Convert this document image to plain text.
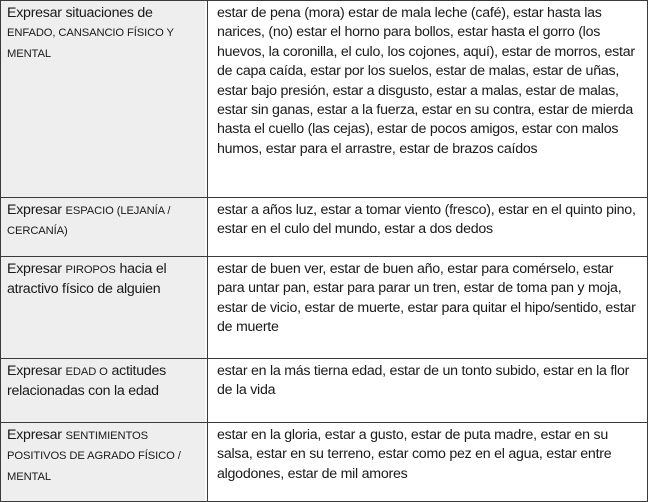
Expresar situaciones de ENFADO, CANSANCIO FÍSICO Y MENTAL	estar de pena (mora) estar de mala leche (café), estar hasta las narices, (no) estar el horno para bollos, estar hasta el gorro (los huevos, la coronilla, el culo, los cojones, aquí), estar de morros, estar de capa caída, estar por los suelos, estar de malas, estar de uñas, estar bajo presión, estar a disgusto, estar a malas, estar de malas, estar sin ganas, estar a la fuerza, estar en su contra, estar de mierda hasta el cuello (las cejas), estar de pocos amigos, estar con malos humos, estar para el arrastre, estar de brazos caídos
Expresar ESPACIO (LEJANÍA / CERCANÍA)	estar a años luz, estar a tomar viento (fresco), estar en el quinto pino, estar en el culo del mundo, estar a dos dedos
Expresar PIROPOS hacia el atractivo físico de alguien	estar de buen ver, estar de buen año, estar para comérselo, estar para untar pan, estar para parar un tren, estar de toma pan y moja, estar de vicio, estar de muerte, estar para quitar el hipo/sentido, estar de muerte
Expresar EDAD O actitudes relacionadas con la edad	estar en la más tierna edad, estar de un tonto subido, estar en la flor de la vida
Expresar SENTIMIENTOS POSITIVOS DE AGRADO FÍSICO / MENTAL	estar en la gloria, estar a gusto, estar de puta madre, estar en su salsa, estar en su terreno, estar como pez en el agua, estar entre algodones, estar de mil amores
